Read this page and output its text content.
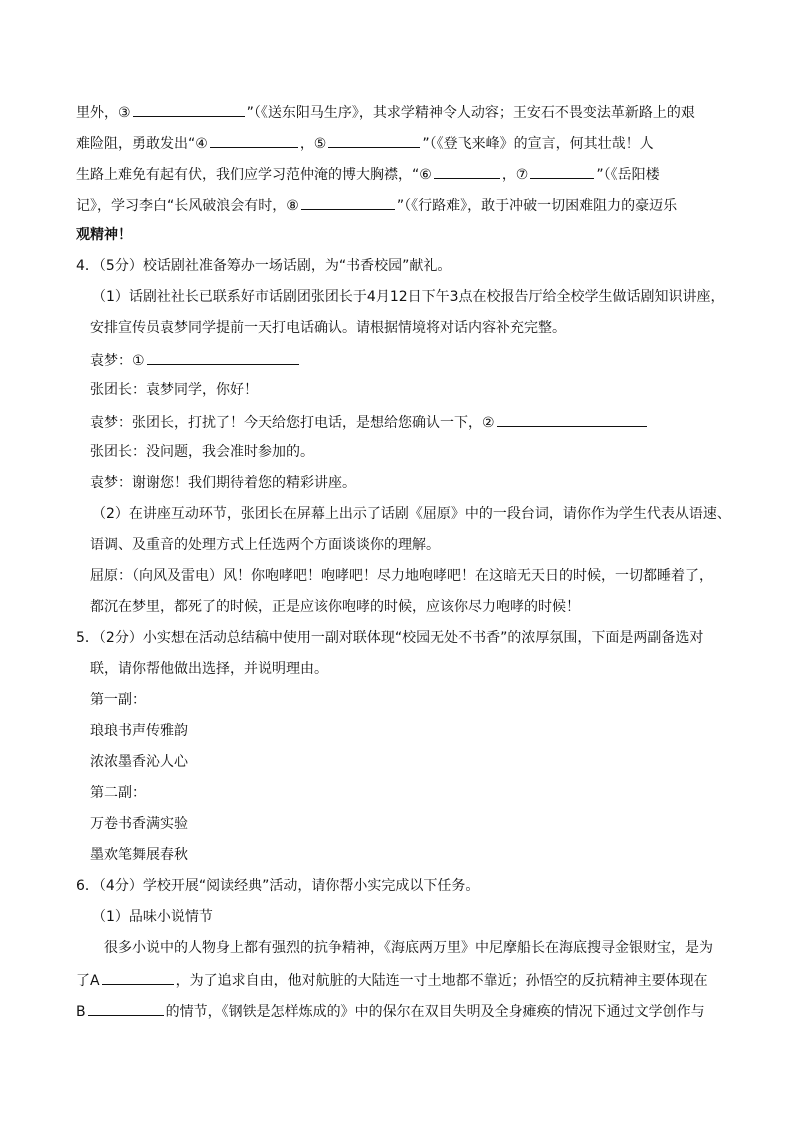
里外，③	”（《送东阳马生序》，其求学精神令人动容；王安石不畏变法革新路上的艰
难险阻，勇敢发出“④	，⑤	”（《登飞来峰》的宣言，何其壮哉！人
生路上难免有起有伏，我们应学习范仲淹的博大胸襟，“⑥	，⑦	”（《岳阳楼
记》，学习李白“长风破浪会有时，⑧	”（《行路难》，敢于冲破一切困难阻力的豪迈乐
观精神！
4．（5分）校话剧社准备筹办一场话剧，为“书香校园”献礼。
（1）话剧社社长已联系好市话剧团张团长于4月12日下午3点在校报告厅给全校学生做话剧知识讲座，
安排宣传员袁梦同学提前一天打电话确认。请根据情境将对话内容补充完整。
袁梦：①
张团长：袁梦同学，你好！
袁梦：张团长，打扰了！今天给您打电话，是想给您确认一下，②
张团长：没问题，我会准时参加的。
袁梦：谢谢您！我们期待着您的精彩讲座。
（2）在讲座互动环节，张团长在屏幕上出示了话剧《屈原》中的一段台词，请你作为学生代表从语速、
语调、及重音的处理方式上任选两个方面谈谈你的理解。
屈原：（向风及雷电）风！你咆哮吧！咆哮吧！尽力地咆哮吧！在这暗无天日的时候，一切都睡着了，
都沉在梦里，都死了的时候，正是应该你咆哮的时候，应该你尽力咆哮的时候！
5．（2分）小实想在活动总结稿中使用一副对联体现“校园无处不书香”的浓厚氛围，下面是两副备选对
联，请你帮他做出选择，并说明理由。
第一副：
琅琅书声传雅韵
浓浓墨香沁人心
第二副：
万卷书香满实验
墨欢笔舞展春秋
6．（4分）学校开展“阅读经典”活动，请你帮小实完成以下任务。
（1）品味小说情节
很多小说中的人物身上都有强烈的抗争精神，《海底两万里》中尼摩船长在海底搜寻金银财宝，是为
了A	，为了追求自由，他对航脏的大陆连一寸土地都不靠近；孙悟空的反抗精神主要体现在
B	的情节，《钢铁是怎样炼成的》中的保尔在双目失明及全身瘫痪的情况下通过文学创作与
